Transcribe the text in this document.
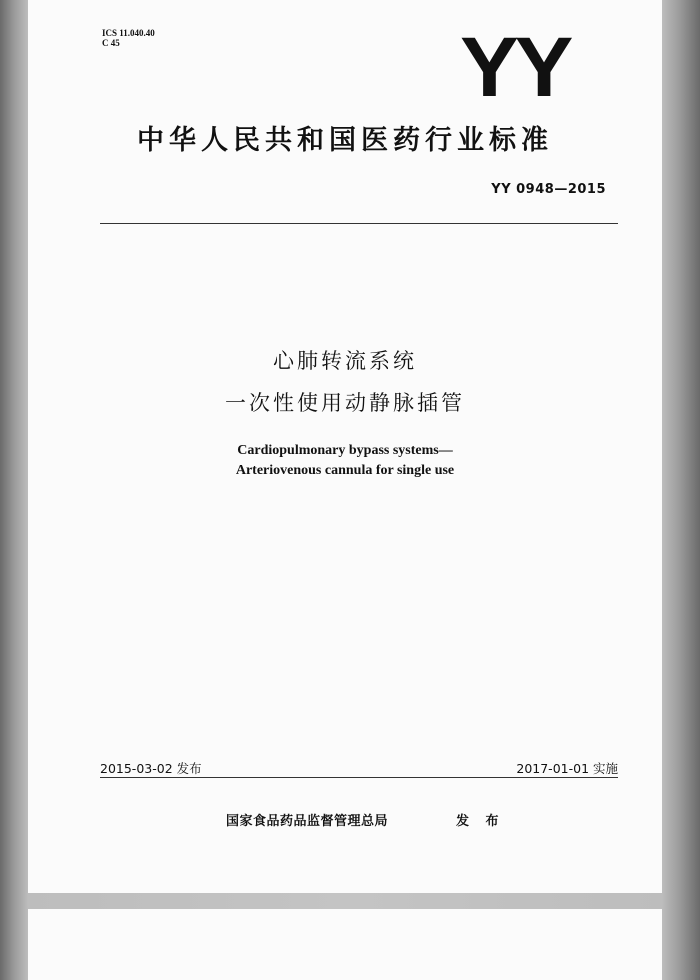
ICS 11.040.40
C 45	YY
中华人民共和国医药行业标准
YY 0948—2015
心肺转流系统
一次性使用动静脉插管
Cardiopulmonary bypass systems—
Arteriovenous cannula for single use
2015-03-02 发布	2017-01-01 实施
国家食品药品监督管理总局	发 布
